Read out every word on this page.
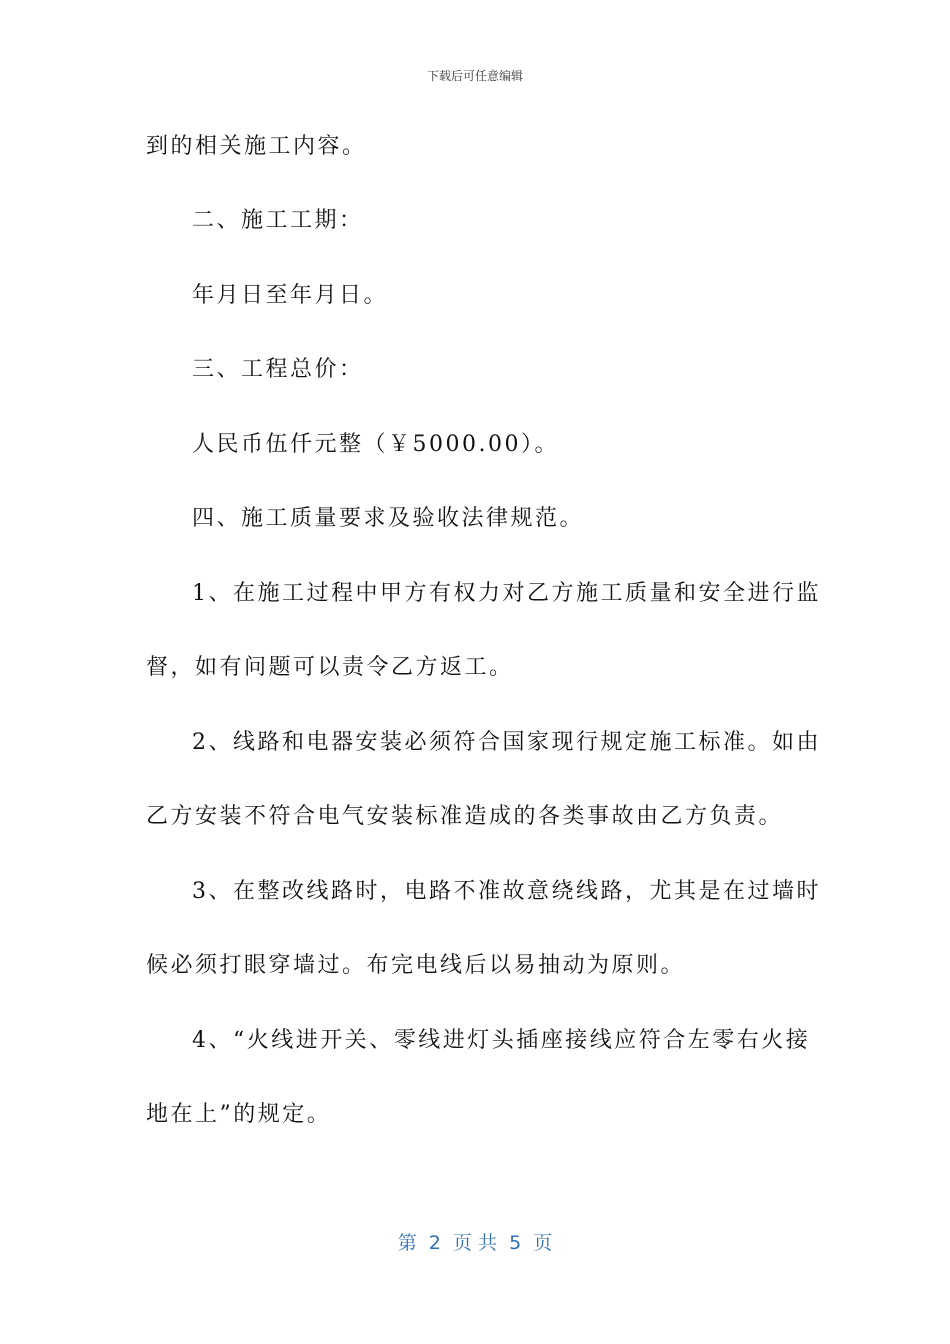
下载后可任意编辑
到的相关施工内容。
二、施工工期：
年月日至年月日。
三、工程总价：
人民币伍仟元整（￥5000.00）。
四、施工质量要求及验收法律规范。
1、在施工过程中甲方有权力对乙方施工质量和安全进行监
督，如有问题可以责令乙方返工。
2、线路和电器安装必须符合国家现行规定施工标准。如由
乙方安装不符合电气安装标准造成的各类事故由乙方负责。
3、在整改线路时，电路不准故意绕线路，尤其是在过墙时
候必须打眼穿墙过。布完电线后以易抽动为原则。
4、“火线进开关、零线进灯头插座接线应符合左零右火接
地在上”的规定。
第  2  页 共  5  页
